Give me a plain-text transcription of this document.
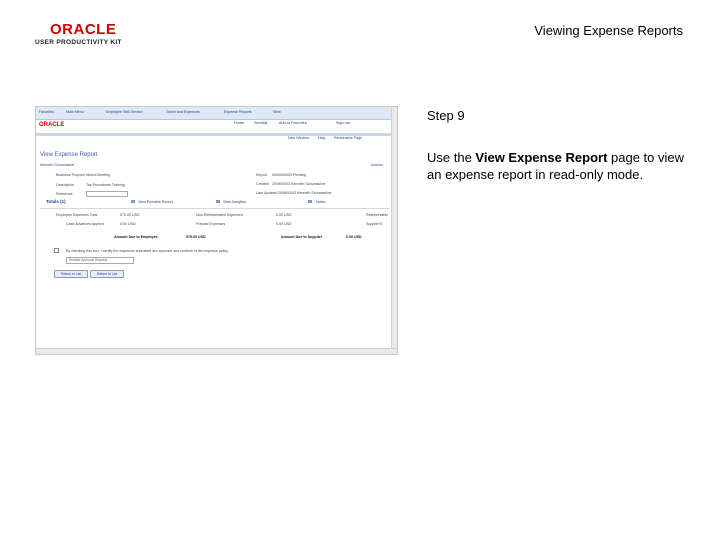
ORACLE
USER PRODUCTIVITY KIT
Viewing Expense Reports
Favorites	Main Menu	Employee Self-Service	Travel and Expenses	Expense Reports	View
ORACLE	Home	Worklist	Add to Favorites	Sign out
New Window	Help Personalize Page
View Expense Report
Kenneth Schumacher	Actions
Business Purpose Attend Meeting
Description	Tax Procedures Training
Reference
Report 0000000000 Pending
Created 2008/03/03 Kenneth Schumacher
Last Updated 2008/03/03 Kenneth Schumacher
Totals (1)	View Printable Report	View Analytics	Notes
Employee Expenses Total	575.00 USD	Non-Reimbursable Expenses	0.00 USD	Reimbursable
Cash Advances Applied	0.00 USD	Prepaid Expenses	0.00 USD	Supplier E
Amount Due to Employee	575.00 USD	Amount Due to Supplier	0.00 USD
By checking this box, I certify the expenses submitted are accurate and conform to the expense policy.
Related Approval Request
Return to List	Return to List
Step 9
Use the View Expense Report page to view an expense report in read-only mode.
